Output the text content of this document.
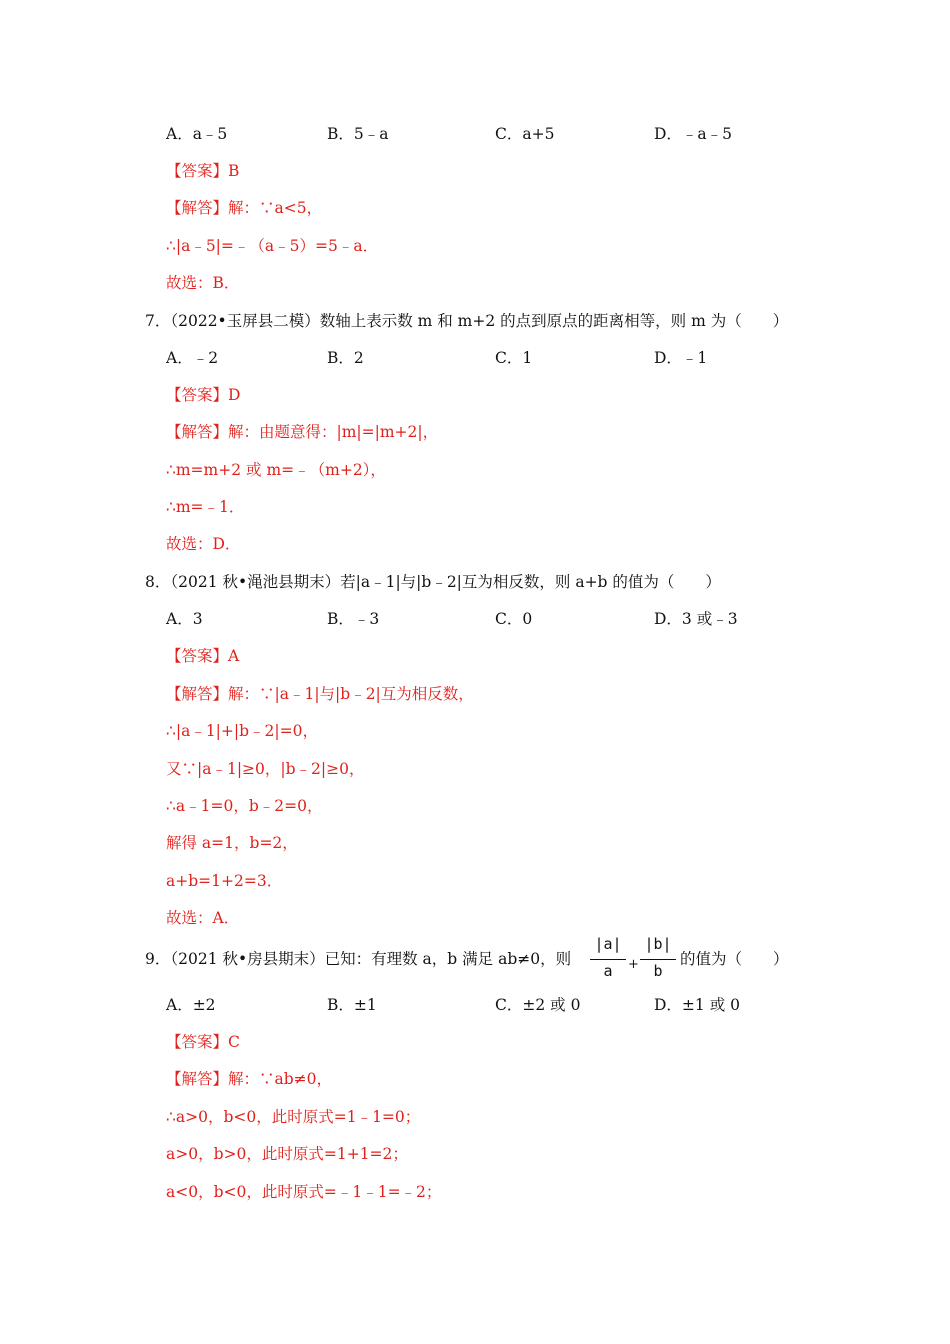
A．a﹣5	B．5﹣a	C．a+5	D．﹣a﹣5
【答案】B
【解答】解：∵a<5，
∴|a﹣5|=﹣（a﹣5）=5﹣a．
故选：B．
7．（2022•玉屏县二模）数轴上表示数 m 和 m+2 的点到原点的距离相等，则 m 为（　　）
A．﹣2	B．2	C．1	D．﹣1
【答案】D
【解答】解：由题意得：|m|=|m+2|，
∴m=m+2 或 m=﹣（m+2），
∴m=﹣1．
故选：D．
8．（2021 秋•渑池县期末）若|a﹣1|与|b﹣2|互为相反数，则 a+b 的值为（　　）
A．3	B．﹣3	C．0	D．3 或﹣3
【答案】A
【解答】解：∵|a﹣1|与|b﹣2|互为相反数，
∴|a﹣1|+|b﹣2|=0，
又∵|a﹣1|≥0，|b﹣2|≥0，
∴a﹣1=0，b﹣2=0，
解得 a=1，b=2，
a+b=1+2=3．
故选：A．
9．（2021 秋•房县期末）已知：有理数 a，b 满足 ab≠0，则
|a|
a	+
|b|
b
的值为（　　）
A．±2	B．±1	C．±2 或 0	D．±1 或 0
【答案】C
【解答】解：∵ab≠0，
∴a>0，b<0，此时原式=1﹣1=0；
a>0，b>0，此时原式=1+1=2；
a<0，b<0，此时原式=﹣1﹣1=﹣2；
